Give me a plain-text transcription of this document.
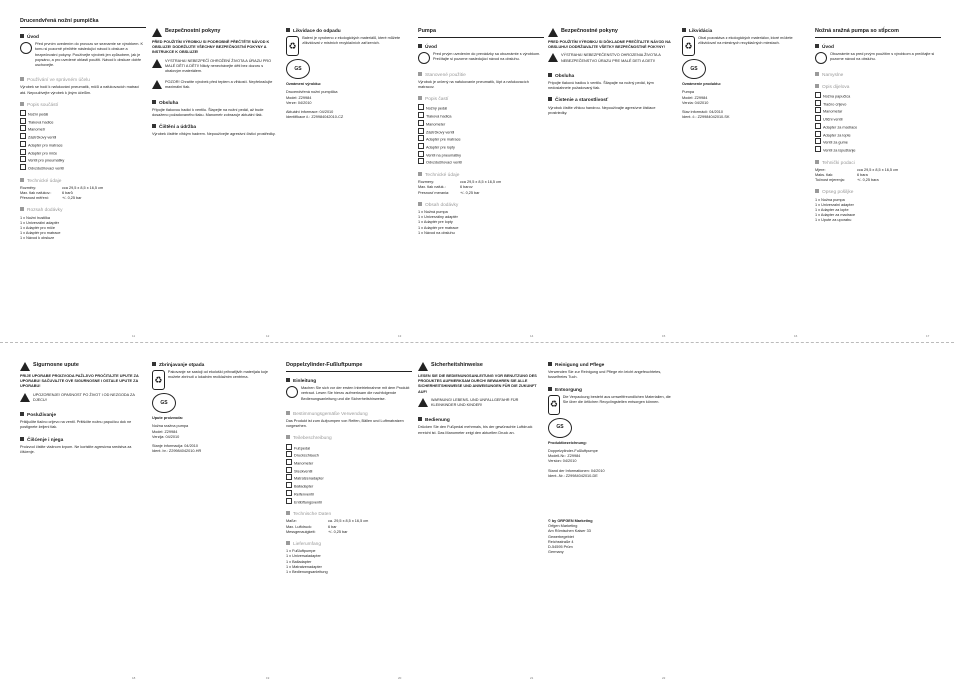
Drucendvřená nožní pumpička
Úvod

Před prvním uvedením do provozu se seznamte se výrobkem. K tomu si pozorně přečtěte následující návod k obsluze a bezpečnostní pokyny. Používejte výrobek jen způsobem, jak je popsáno, a pro uvedené oblasti použití. Návod k obsluze dobře uschovejte.

Používání ve správném účelu

Výrobek se hodí k nafukování pneumatik, míčů a nafukovacích matrací atd. Nepoužívejte výrobek k jiným účelům.

Popis součástí
Nožní pedál
Tlaková hadice
Manometr
Zástrčkový ventil
Adaptér pro matrace
Adaptér pro míče
Ventil pro pneumatiky
Odvzdušňovací ventil
Technické údaje
Rozměry:	cca 29,5 x 8,5 x 16,5 cm
Max. tlak nafukov.:	6 barů
Přesnost měření:	+/- 0,25 bar
Rozsah dodávky
1 x Nožní hustilka
1 x Univerzální adaptér
1 x Adaptér pro míče
1 x Adaptér pro matrace
1 x Návod k obsluze
Bezpečnostní pokyny

PŘED POUŽITÍM VÝROBKU SI PODROBNĚ PŘEČTĚTE NÁVOD K OBSLUZE! DODRŽUJTE VŠECHNY BEZPEČNOSTNÍ POKYNY A INSTRUKCE K OBSLUZE!

VYSTRAHA! NEBEZPEČÍ OHROŽENÍ ŽIVOTA A ÚRAZU PRO MALÉ DĚTI A DĚTI! Nikdy nenechávejte děti bez dozoru s obalovým materiálem.

POZOR! Chraňte výrobek před teplem a vlhkostí. Nepřekračujte maximální tlak.

Obsluha

Připojte tlakovou hadici k ventilu. Šlapejte na nožní pedál, až bude dosaženo požadovaného tlaku. Manometr zobrazuje aktuální tlak.

Čištění a údržba

Výrobek čistěte vlhkým hadrem. Nepoužívejte agresivní čisticí prostředky.

Likvidace do odpadu
♻

Balení je vyrobeno z ekologických materiálů, které můžete zlikvidovat v místních recyklačních zařízeních.

GS

Oznámení výrobku:

Drucendvřená nožní pumpička
Model: Z29984
Verze: 04/2010
Aktuální informace: 04/2010
Identifikace č.: Z29984042010-CZ
Pumpa
Úvod

Pred prvým uvedením do prevádzky sa oboznámte s výrobkom. Prečítajte si pozorne nasledujúci návod na obsluhu.

Stanovené použitie

Výrobok je určený na nafukovanie pneumatík, lôpt a nafukovacích matracov.

Popis častí
Nožný pedál
Tlaková hadica
Manometer
Zástrčkový ventil
Adaptér pre matrace
Adaptér pre lopty
Ventil na pneumatiky
Odvzdušňovací ventil
Technické údaje
Rozmery:	cca 29,5 x 8,5 x 16,5 cm
Max. tlak nafuk.:	6 barov
Presnosť merania:	+/- 0,25 bar
Obsah dodávky
1 x Nožná pumpa
1 x Univerzálny adaptér
1 x Adaptér pre lopty
1 x Adaptér pre matrace
1 x Návod na obsluhu
Bezpečnostné pokyny

PRED POUŽITÍM VÝROBKU SI DÔKLADNE PREČÍTAJTE NÁVOD NA OBSLUHU! DODRŽIAVAJTE VŠETKY BEZPEČNOSTNÉ POKYNY!

VÝSTRAHA! NEBEZPEČENSTVO OHROZENIA ŽIVOTA A NEBEZPEČENSTVO ÚRAZU PRE MALÉ DETI A DETI!

Obsluha

Pripojte tlakovú hadicu k ventilu. Šliapajte na nožný pedál, kým nedosiahnete požadovaný tlak.

Čistenie a starostlivosť

Výrobok čistite vlhkou handrou. Nepoužívajte agresívne čistiace prostriedky.

Likvidácia
♻

Obal pozostáva z ekologických materiálov, ktoré môžete zlikvidovať na miestnych recyklačných miestach.

GS

Oznámenie produktu:

Pumpa
Model: Z29984
Verzia: 04/2010
Stav informácií: 04/2010
Ident. č.: Z29984042010-SK
Nožná sražná pumpa so stĺpcom
Úvod

Oboznámte sa pred prvým použitím s výrobkom a prečítajte si pozorne návod na obsluhu.

Namyslne
Opis dijelova
Nožna papučica
Tlačno crijevo
Manometar
Utični ventil
Adapter za madrace
Adapter za lopte
Ventil za gume
Ventil za ispuštanje
Tehnički podaci
Mjere:	cca 29,5 x 8,5 x 16,5 cm
Maks. tlak:	6 bara
Točnost mjerenja:	+/- 0,25 bara
Opseg pošiljke
1 x Nožna pumpa
1 x Univerzalni adapter
1 x Adapter za lopte
1 x Adapter za madrace
1 x Upute za uporabu
Sigurnosne upute

PRIJE UPORABE PROIZVODA PAŽLJIVO PROČITAJTE UPUTE ZA UPORABU! SAČUVAJTE OVE SIGURNOSNE I OSTALE UPUTE ZA UPORABU!

UPOZORENJE! OPASNOST PO ŽIVOT I OD NEZGODA ZA DJECU!

Posluživanje

Priključite tlačno crijevo na ventil. Pritišćite nožnu papučicu dok ne postignete željeni tlak.

Čišćenje i njega

Proizvod čistite vlažnom krpom. Ne koristite agresivna sredstva za čišćenje.

Zbrinjavanje otpada
♻

Pakovanje se sastoji od ekološki prihvatljivih materijala koje možete zbrinuti u lokalnim reciklažnim centrima.

GS

Upute proizvoda:

Nožna sražna pumpa
Model: Z29984
Verzija: 04/2010
Stanje informacija: 04/2010
Ident. br.: Z29984042010-HR
Doppelzylinder-Fußluftpumpe
Einleitung

Machen Sie sich vor der ersten Inbetriebnahme mit dem Produkt vertraut. Lesen Sie hierzu aufmerksam die nachfolgende Bedienungsanleitung und die Sicherheitshinweise.

Bestimmungsgemäße Verwendung

Das Produkt ist zum Aufpumpen von Reifen, Bällen und Luftmatratzen vorgesehen.

Teilebeschreibung
Fußpedal
Druckschlauch
Manometer
Steckventil
Matratzenadapter
Balladapter
Reifenventil
Entlüftungsventil
Technische Daten
Maße:	ca. 29,5 x 8,5 x 16,5 cm
Max. Luftdruck:	6 bar
Messgenauigkeit:	+/- 0,25 bar
Lieferumfang
1 x Fußluftpumpe
1 x Universaladapter
1 x Balladapter
1 x Matratzenadapter
1 x Bedienungsanleitung
Sicherheitshinweise

LESEN SIE DIE BEDIENUNGSANLEITUNG VOR BENUTZUNG DES PRODUKTES AUFMERKSAM DURCH! BEWAHREN SIE ALLE SICHERHEITSHINWEISE UND ANWEISUNGEN FÜR DIE ZUKUNFT AUF!

WARNUNG! LEBENS- UND UNFALLGEFAHR FÜR KLEINKINDER UND KINDER!

Bedienung

Drücken Sie den Fußpedal mehrmals, bis der gewünschte Luftdruck erreicht ist. Das Manometer zeigt den aktuellen Druck an.

Reinigung und Pflege

Verwenden Sie zur Reinigung und Pflege ein leicht angefeuchtetes, fusselfreies Tuch.

Entsorgung
♻

Die Verpackung besteht aus umweltfreundlichen Materialien, die Sie über die örtlichen Recyclingstellen entsorgen können.

GS

Produktbezeichnung:

Doppelzylinder-Fußluftpumpe
Modell-Nr.: Z29984
Version: 04/2010
Stand der Informationen: 04/2010
Ident.-Nr.: Z29984042010-DE
© by ORFGEN Marketing
Orfgen Marketing
Am Römischen Kaiser 33
Gewerbegebiet
Reichsstraße 4
D-54595 Prüm
Germany
11	12	13	14	15	16	17
18	19	20	21	22
